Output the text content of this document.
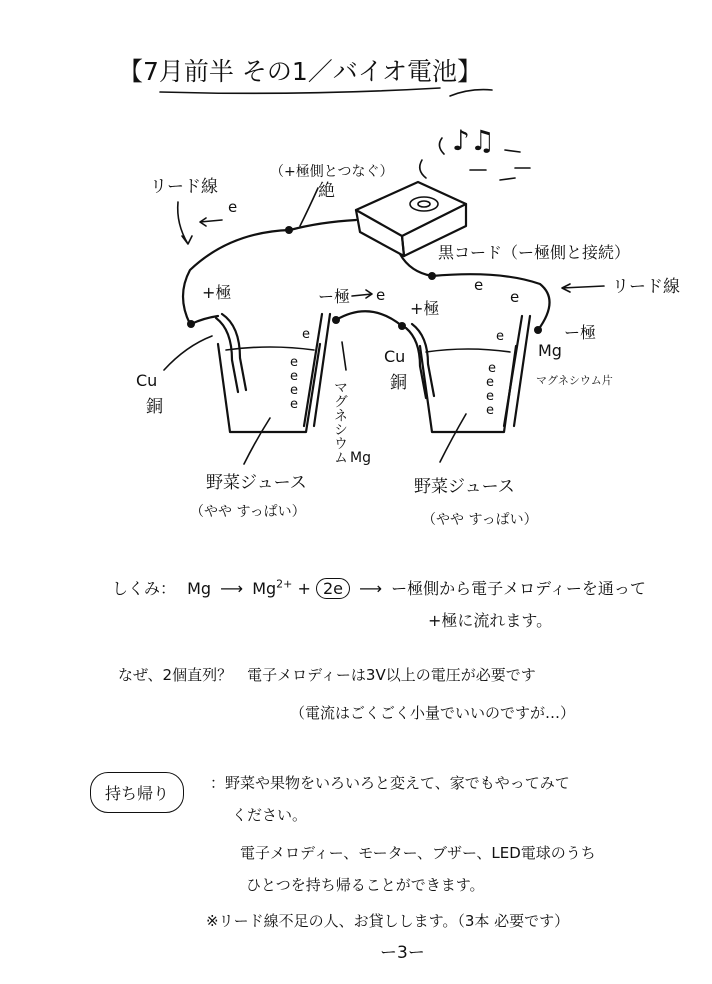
【7月前半 その1／バイオ電池】
♪♫
（+極側とつなぐ）
絶
リード線
e
黒コード（ー極側と接続）
リード線
e
e
+極	ー極 e
+極
e
e
e
e
e
Cu
銅	マグネシウム Mg
e
e
e
e
e
Cu
銅
ー極
Mg
マグネシウム片
野菜ジュース
（やや すっぱい）
野菜ジュース
（やや すっぱい）
しくみ： Mg ⟶ $Mg^{2+} + 2e$ ⟶ ー極側から電子メロディーを通って
+極に流れます。
なぜ、2個直列？　電子メロディーは3V以上の電圧が必要です
（電流はごくごく小量でいいのですが…）
持ち帰り
：野菜や果物をいろいろと変えて、家でもやってみて
ください。
電子メロディー、モーター、ブザー、LED電球のうち
ひとつを持ち帰ることができます。
※リード線不足の人、お貸しします。（3本 必要です）
ー3ー
